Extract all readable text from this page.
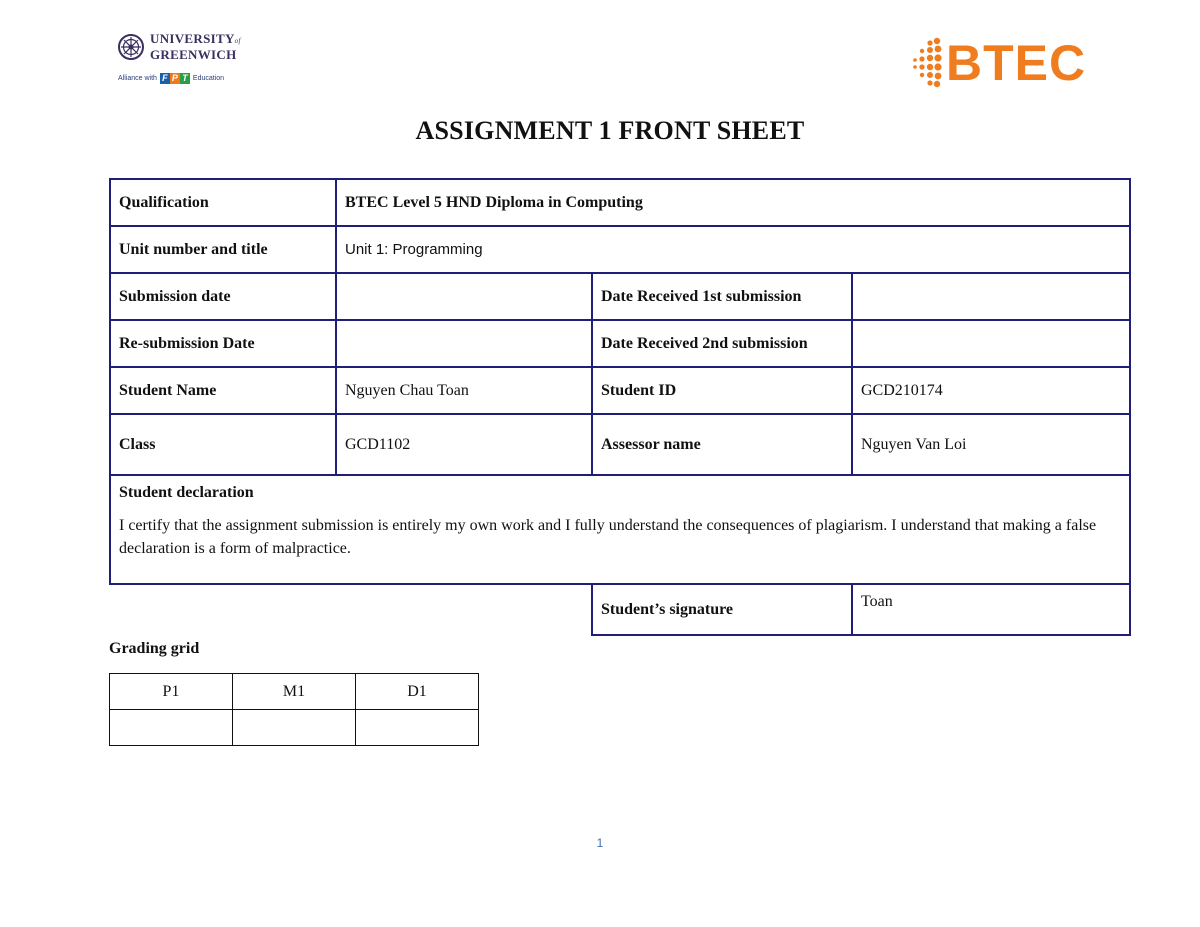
UNIVERSITYof
GREENWICH
Alliance with F P T Education	BTEC
ASSIGNMENT 1 FRONT SHEET
Qualification	BTEC Level 5 HND Diploma in Computing		
Unit number and title	Unit 1: Programming		
Submission date		Date Received 1st submission	
Re-submission Date		Date Received 2nd submission	
Student Name	Nguyen Chau Toan	Student ID	GCD210174
Class	GCD1102	Assessor name	Nguyen Van Loi

Student declaration
I certify that the assignment submission is entirely my own work and I fully understand the consequences of plagiarism. I understand that making a false declaration is a form of malpractice.			

		Student’s signature	Toan
Grading grid
P1	M1	D1

1
